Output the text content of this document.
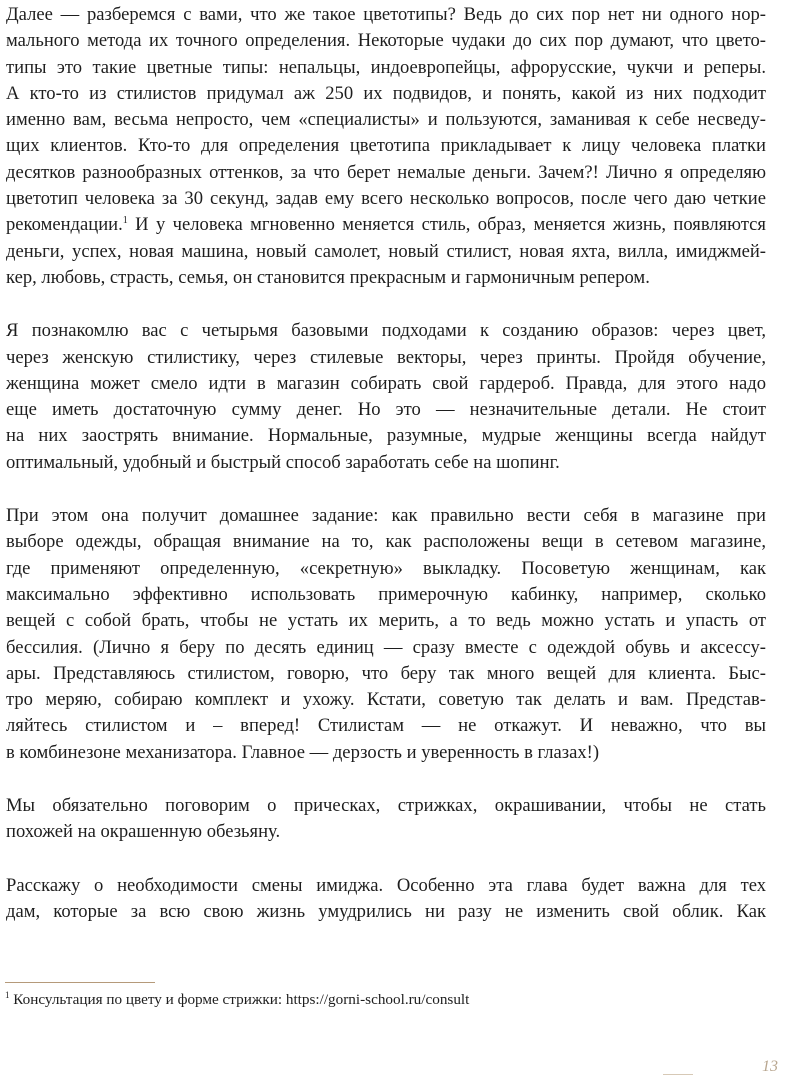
Далее — разберемся с вами, что же такое цветотипы? Ведь до сих пор нет ни одного нор-
мального метода их точного определения. Некоторые чудаки до сих пор думают, что цвето-
типы это такие цветные типы: непальцы, индоевропейцы, афрорусские, чукчи и реперы.
А кто-то из стилистов придумал аж 250 их подвидов, и понять, какой из них подходит
именно вам, весьма непросто, чем «специалисты» и пользуются, заманивая к себе несведу-
щих клиентов. Кто-то для определения цветотипа прикладывает к лицу человека платки
десятков разнообразных оттенков, за что берет немалые деньги. Зачем?! Лично я определяю
цветотип человека за 30 секунд, задав ему всего несколько вопросов, после чего даю четкие
рекомендации.$^1$ И у человека мгновенно меняется стиль, образ, меняется жизнь, появляются
деньги, успех, новая машина, новый самолет, новый стилист, новая яхта, вилла, имиджмей-
кер, любовь, страсть, семья, он становится прекрасным и гармоничным репером.
Я познакомлю вас с четырьмя базовыми подходами к созданию образов: через цвет,
через женскую стилистику, через стилевые векторы, через принты. Пройдя обучение,
женщина может смело идти в магазин собирать свой гардероб. Правда, для этого надо
еще иметь достаточную сумму денег. Но это — незначительные детали. Не стоит
на них заострять внимание. Нормальные, разумные, мудрые женщины всегда найдут
оптимальный, удобный и быстрый способ заработать себе на шопинг.
При этом она получит домашнее задание: как правильно вести себя в магазине при
выборе одежды, обращая внимание на то, как расположены вещи в сетевом магазине,
где применяют определенную, «секретную» выкладку. Посоветую женщинам, как
максимально эффективно использовать примерочную кабинку, например, сколько
вещей с собой брать, чтобы не устать их мерить, а то ведь можно устать и упасть от
бессилия. (Лично я беру по десять единиц — сразу вместе с одеждой обувь и аксессу-
ары. Представляюсь стилистом, говорю, что беру так много вещей для клиента. Быс-
тро меряю, собираю комплект и ухожу. Кстати, советую так делать и вам. Представ-
ляйтесь стилистом и – вперед! Стилистам — не откажут. И неважно, что вы
в комбинезоне механизатора. Главное — дерзость и уверенность в глазах!)
Мы обязательно поговорим о прическах, стрижках, окрашивании, чтобы не стать
похожей на окрашенную обезьяну.
Расскажу о необходимости смены имиджа. Особенно эта глава будет важна для тех
дам, которые за всю свою жизнь умудрились ни разу не изменить свой облик. Как
$^1$ Консультация по цвету и форме стрижки: https://gorni-school.ru/consult
13
